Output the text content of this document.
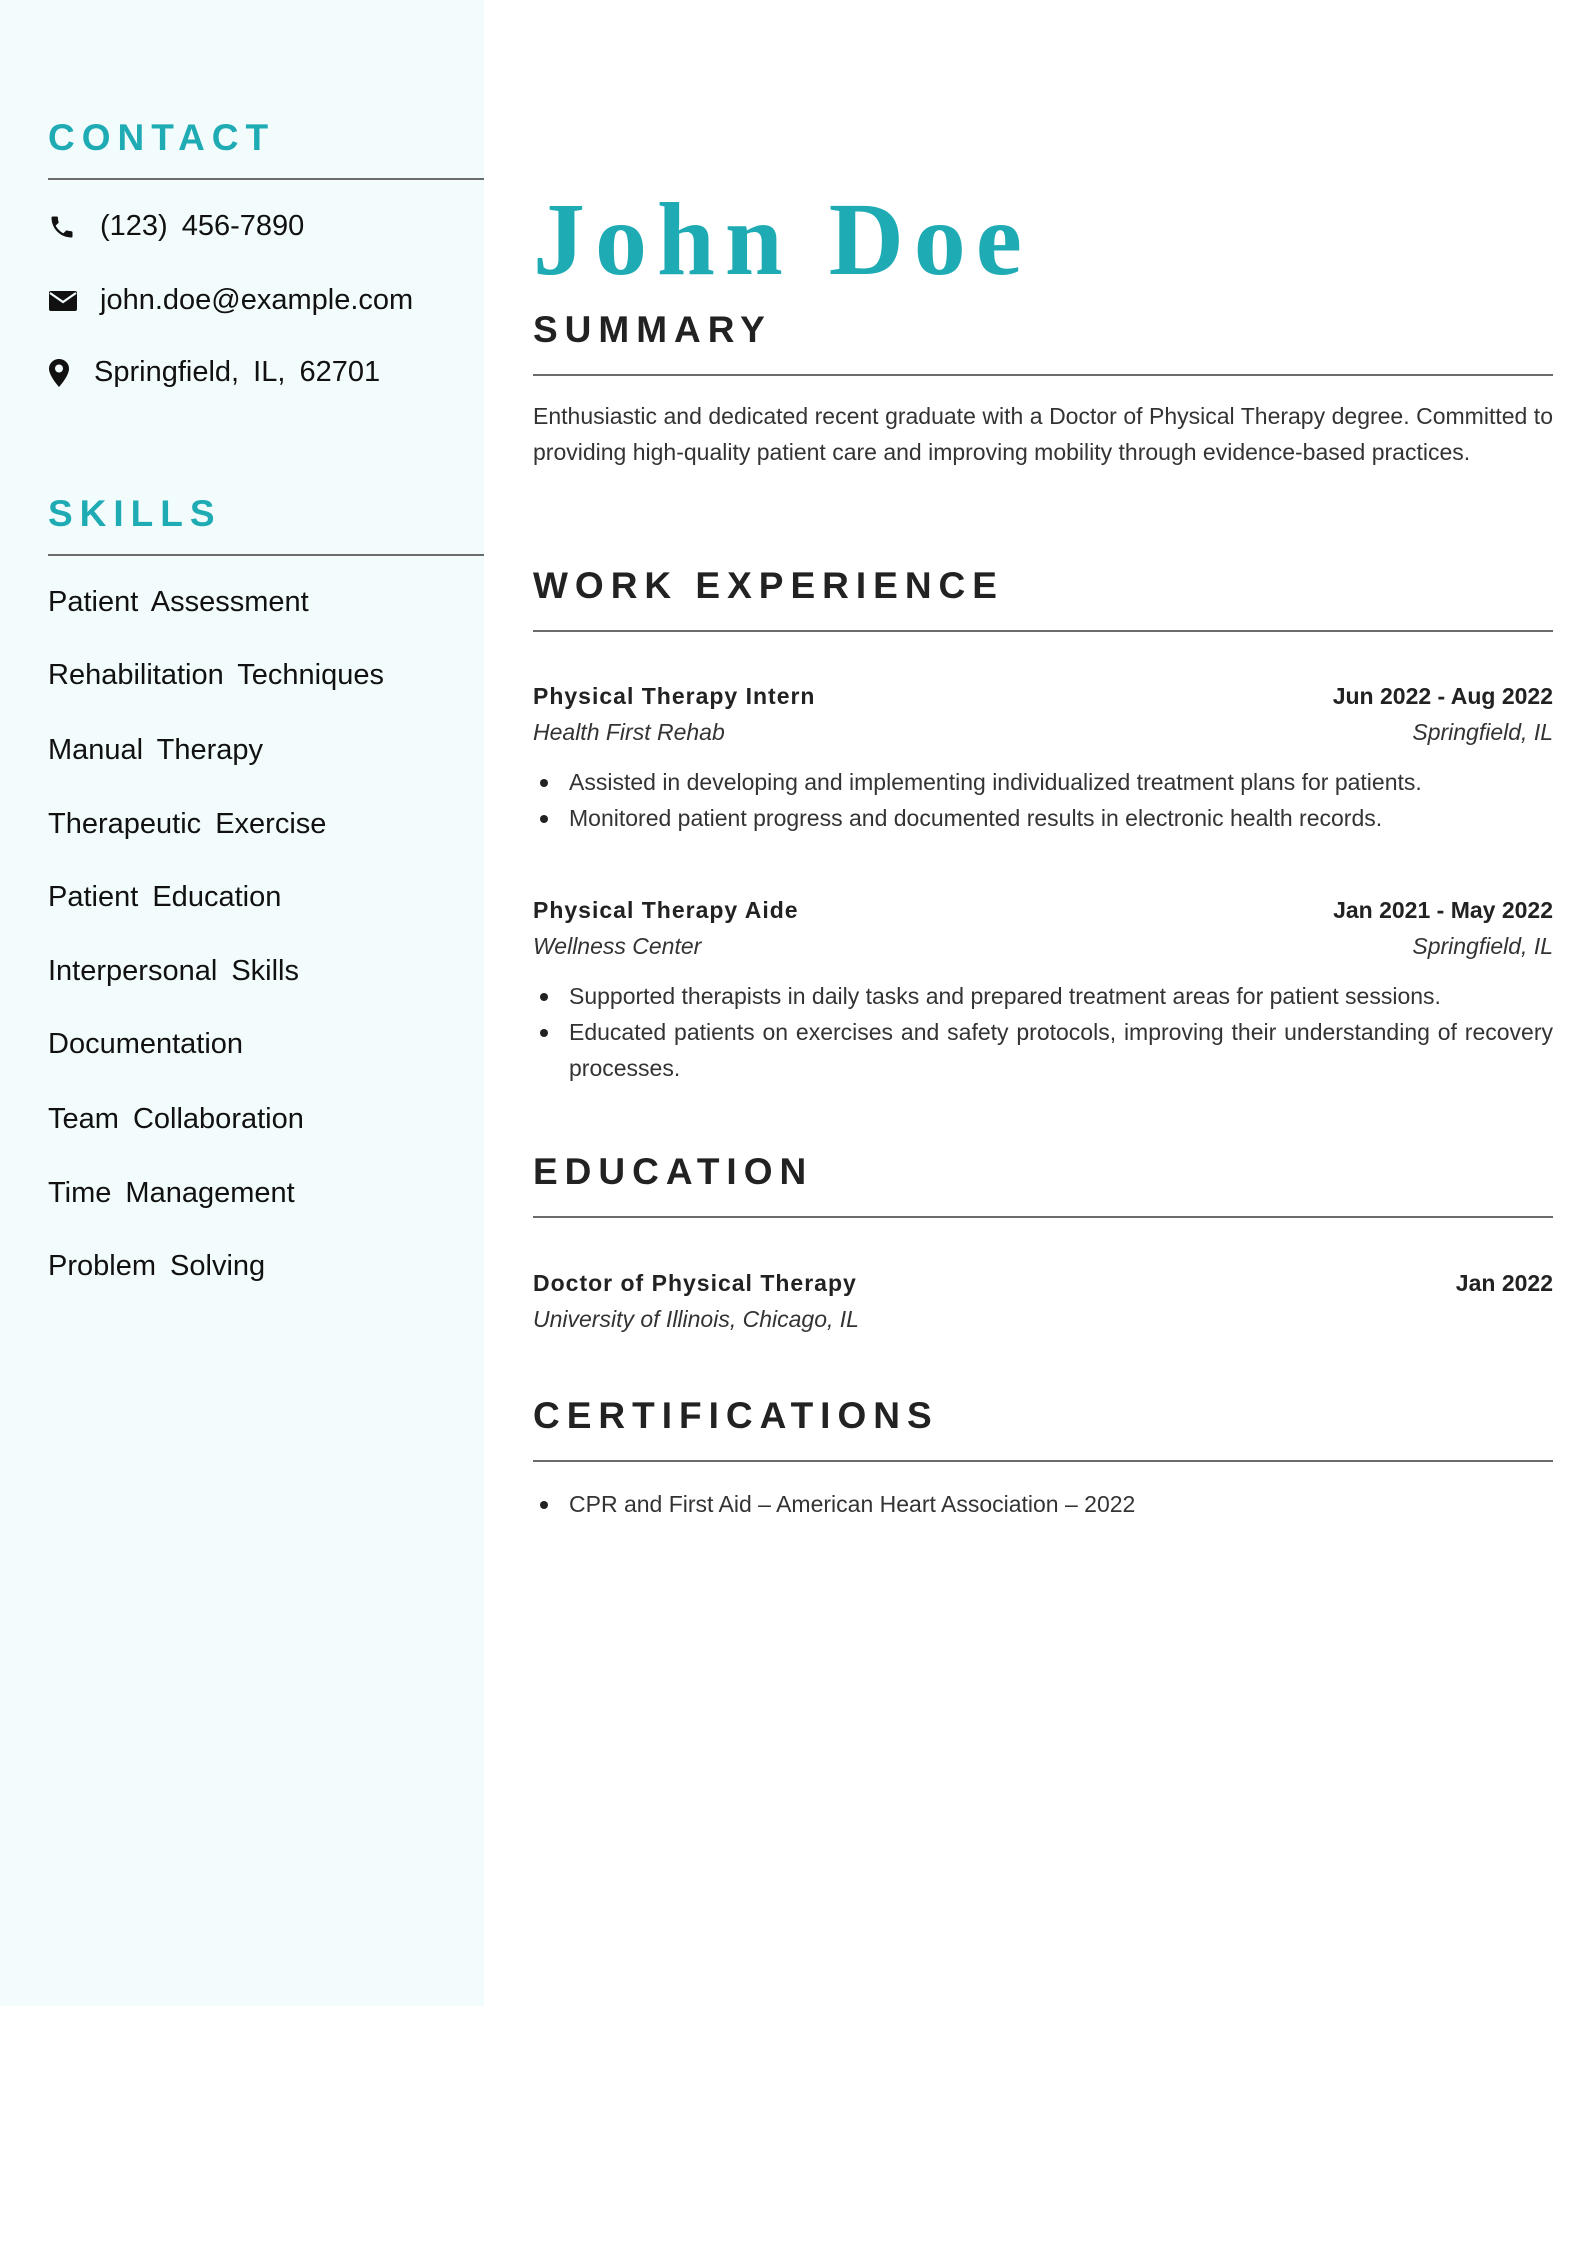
CONTACT
(123) 456-7890
john.doe@example.com
Springfield, IL, 62701
SKILLS
Patient Assessment
Rehabilitation Techniques
Manual Therapy
Therapeutic Exercise
Patient Education
Interpersonal Skills
Documentation
Team Collaboration
Time Management
Problem Solving
John Doe
SUMMARY

Enthusiastic and dedicated recent graduate with a Doctor of Physical Therapy degree. Committed to providing high-quality patient care and improving mobility through evidence-based practices.

WORK EXPERIENCE
Physical Therapy Intern	Jun 2022 - Aug 2022
Health First Rehab	Springfield, IL
Assisted in developing and implementing individualized treatment plans for patients.
Monitored patient progress and documented results in electronic health records.
Physical Therapy Aide	Jan 2021 - May 2022
Wellness Center	Springfield, IL
Supported therapists in daily tasks and prepared treatment areas for patient sessions.
Educated patients on exercises and safety protocols, improving their understanding of recovery processes.
EDUCATION
Doctor of Physical Therapy	Jan 2022
University of Illinois, Chicago, IL
CERTIFICATIONS
CPR and First Aid – American Heart Association – 2022
